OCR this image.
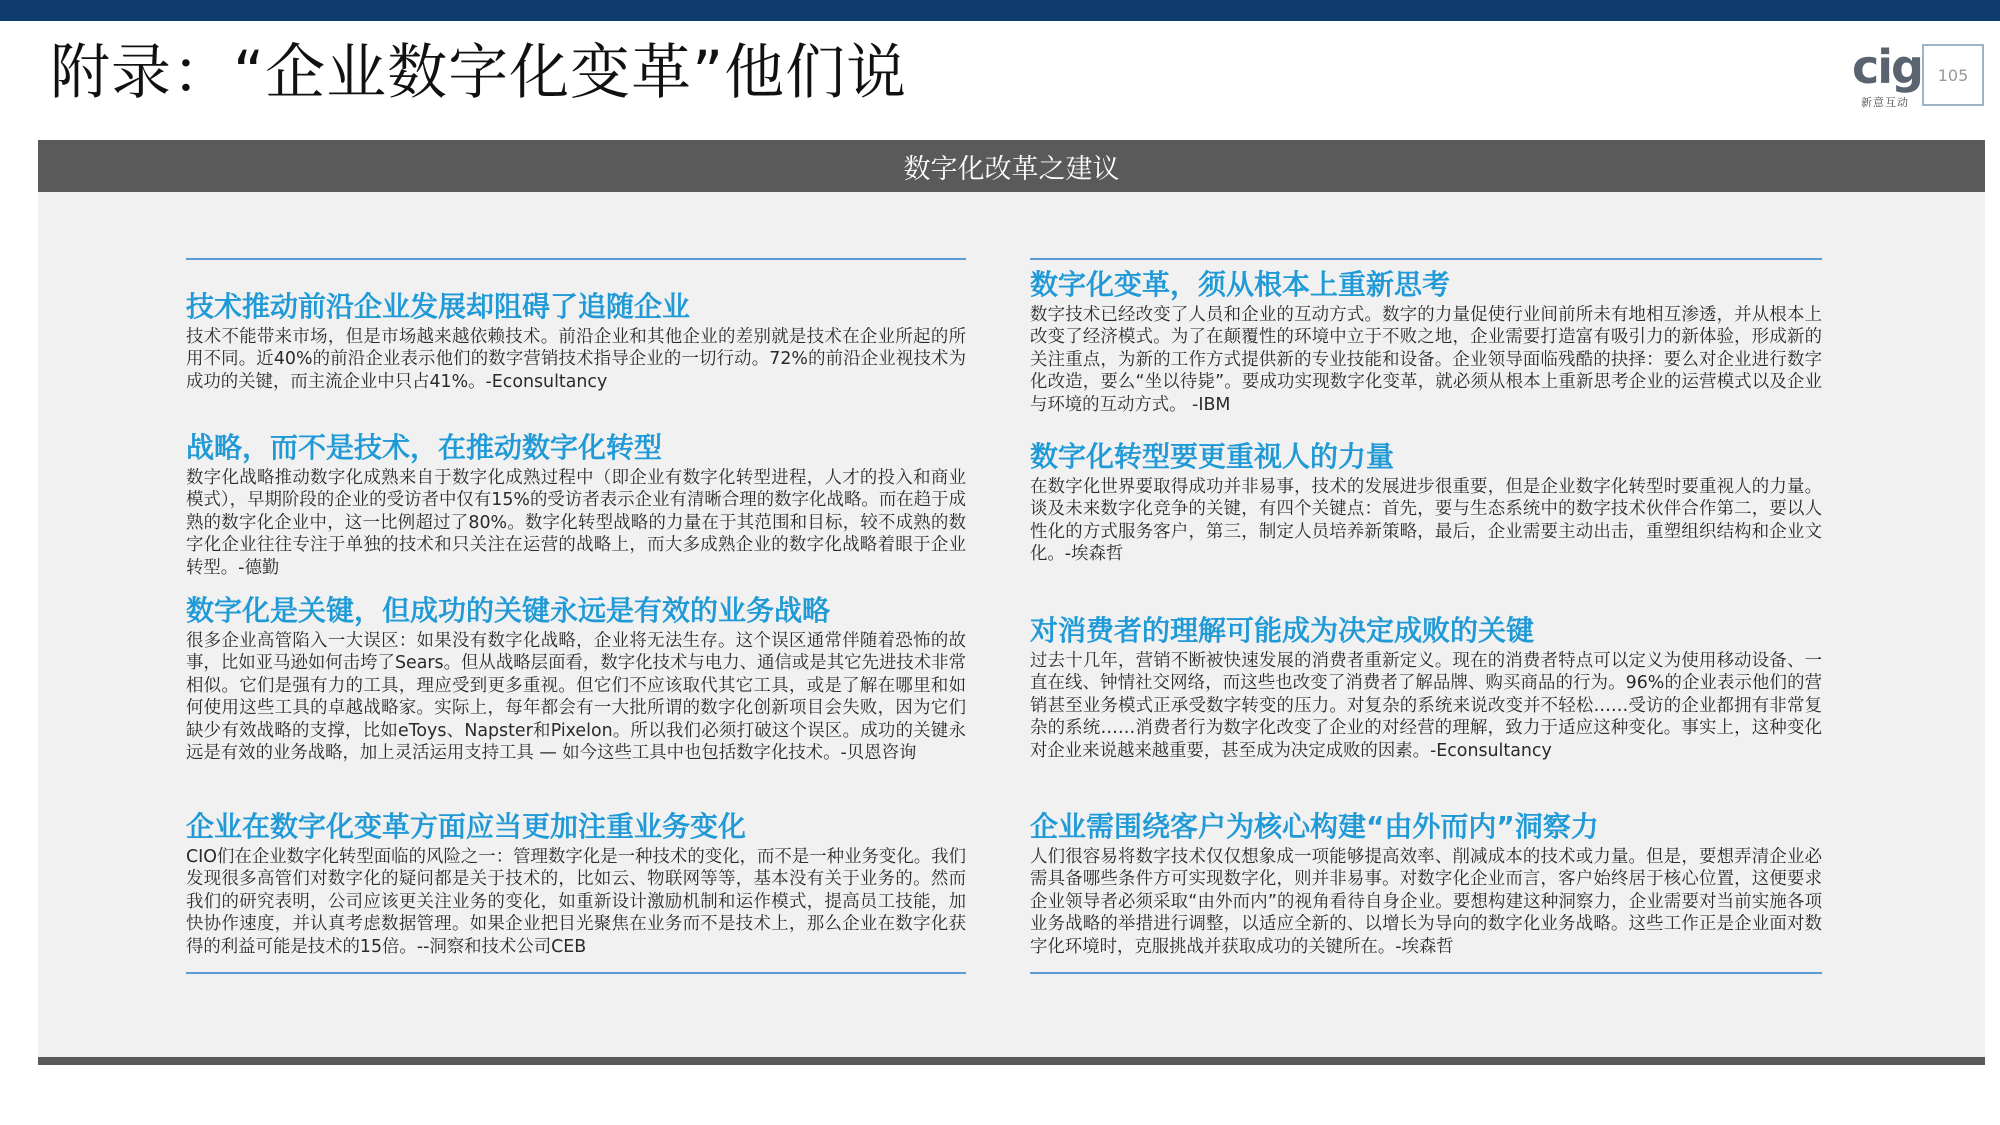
附录：“企业数字化变革”他们说	cig
新意互动
105
数字化改革之建议
技术推动前沿企业发展却阻碍了追随企业

技术不能带来市场，但是市场越来越依赖技术。前沿企业和其他企业的差别就是技术在企业所起的所用不同。近40%的前沿企业表示他们的数字营销技术指导企业的一切行动。72%的前沿企业视技术为成功的关键，而主流企业中只占41%。-Econsultancy

战略，而不是技术，在推动数字化转型

数字化战略推动数字化成熟来自于数字化成熟过程中（即企业有数字化转型进程，人才的投入和商业模式），早期阶段的企业的受访者中仅有15%的受访者表示企业有清晰合理的数字化战略。而在趋于成熟的数字化企业中，这一比例超过了80%。数字化转型战略的力量在于其范围和目标，较不成熟的数字化企业往往专注于单独的技术和只关注在运营的战略上，而大多成熟企业的数字化战略着眼于企业转型。-德勤

数字化是关键，但成功的关键永远是有效的业务战略

很多企业高管陷入一大误区：如果没有数字化战略，企业将无法生存。这个误区通常伴随着恐怖的故事，比如亚马逊如何击垮了Sears。但从战略层面看，数字化技术与电力、通信或是其它先进技术非常相似。它们是强有力的工具，理应受到更多重视。但它们不应该取代其它工具，或是了解在哪里和如何使用这些工具的卓越战略家。实际上，每年都会有一大批所谓的数字化创新项目会失败，因为它们缺少有效战略的支撑，比如eToys、Napster和Pixelon。所以我们必须打破这个误区。成功的关键永远是有效的业务战略，加上灵活运用支持工具 — 如今这些工具中也包括数字化技术。-贝恩咨询

企业在数字化变革方面应当更加注重业务变化

CIO们在企业数字化转型面临的风险之一：管理数字化是一种技术的变化，而不是一种业务变化。我们发现很多高管们对数字化的疑问都是关于技术的，比如云、物联网等等，基本没有关于业务的。然而我们的研究表明，公司应该更关注业务的变化，如重新设计激励机制和运作模式，提高员工技能，加快协作速度，并认真考虑数据管理。如果企业把目光聚焦在业务而不是技术上，那么企业在数字化获得的利益可能是技术的15倍。--洞察和技术公司CEB

数字化变革，须从根本上重新思考

数字技术已经改变了人员和企业的互动方式。数字的力量促使行业间前所未有地相互渗透，并从根本上改变了经济模式。为了在颠覆性的环境中立于不败之地，企业需要打造富有吸引力的新体验，形成新的关注重点，为新的工作方式提供新的专业技能和设备。企业领导面临残酷的抉择：要么对企业进行数字化改造，要么“坐以待毙”。要成功实现数字化变革，就必须从根本上重新思考企业的运营模式以及企业与环境的互动方式。 -IBM

数字化转型要更重视人的力量

在数字化世界要取得成功并非易事，技术的发展进步很重要，但是企业数字化转型时要重视人的力量。谈及未来数字化竞争的关键，有四个关键点：首先，要与生态系统中的数字技术伙伴合作第二，要以人性化的方式服务客户，第三，制定人员培养新策略，最后，企业需要主动出击，重塑组织结构和企业文化。-埃森哲

对消费者的理解可能成为决定成败的关键

过去十几年，营销不断被快速发展的消费者重新定义。现在的消费者特点可以定义为使用移动设备、一直在线、钟情社交网络，而这些也改变了消费者了解品牌、购买商品的行为。96%的企业表示他们的营销甚至业务模式正承受数字转变的压力。对复杂的系统来说改变并不轻松……受访的企业都拥有非常复杂的系统……消费者行为数字化改变了企业的对经营的理解，致力于适应这种变化。事实上，这种变化对企业来说越来越重要，甚至成为决定成败的因素。-Econsultancy

企业需围绕客户为核心构建“由外而内”洞察力

人们很容易将数字技术仅仅想象成一项能够提高效率、削减成本的技术或力量。但是，要想弄清企业必需具备哪些条件方可实现数字化，则并非易事。对数字化企业而言，客户始终居于核心位置，这便要求企业领导者必须采取“由外而内”的视角看待自身企业。要想构建这种洞察力，企业需要对当前实施各项业务战略的举措进行调整，以适应全新的、以增长为导向的数字化业务战略。这些工作正是企业面对数字化环境时，克服挑战并获取成功的关键所在。-埃森哲
